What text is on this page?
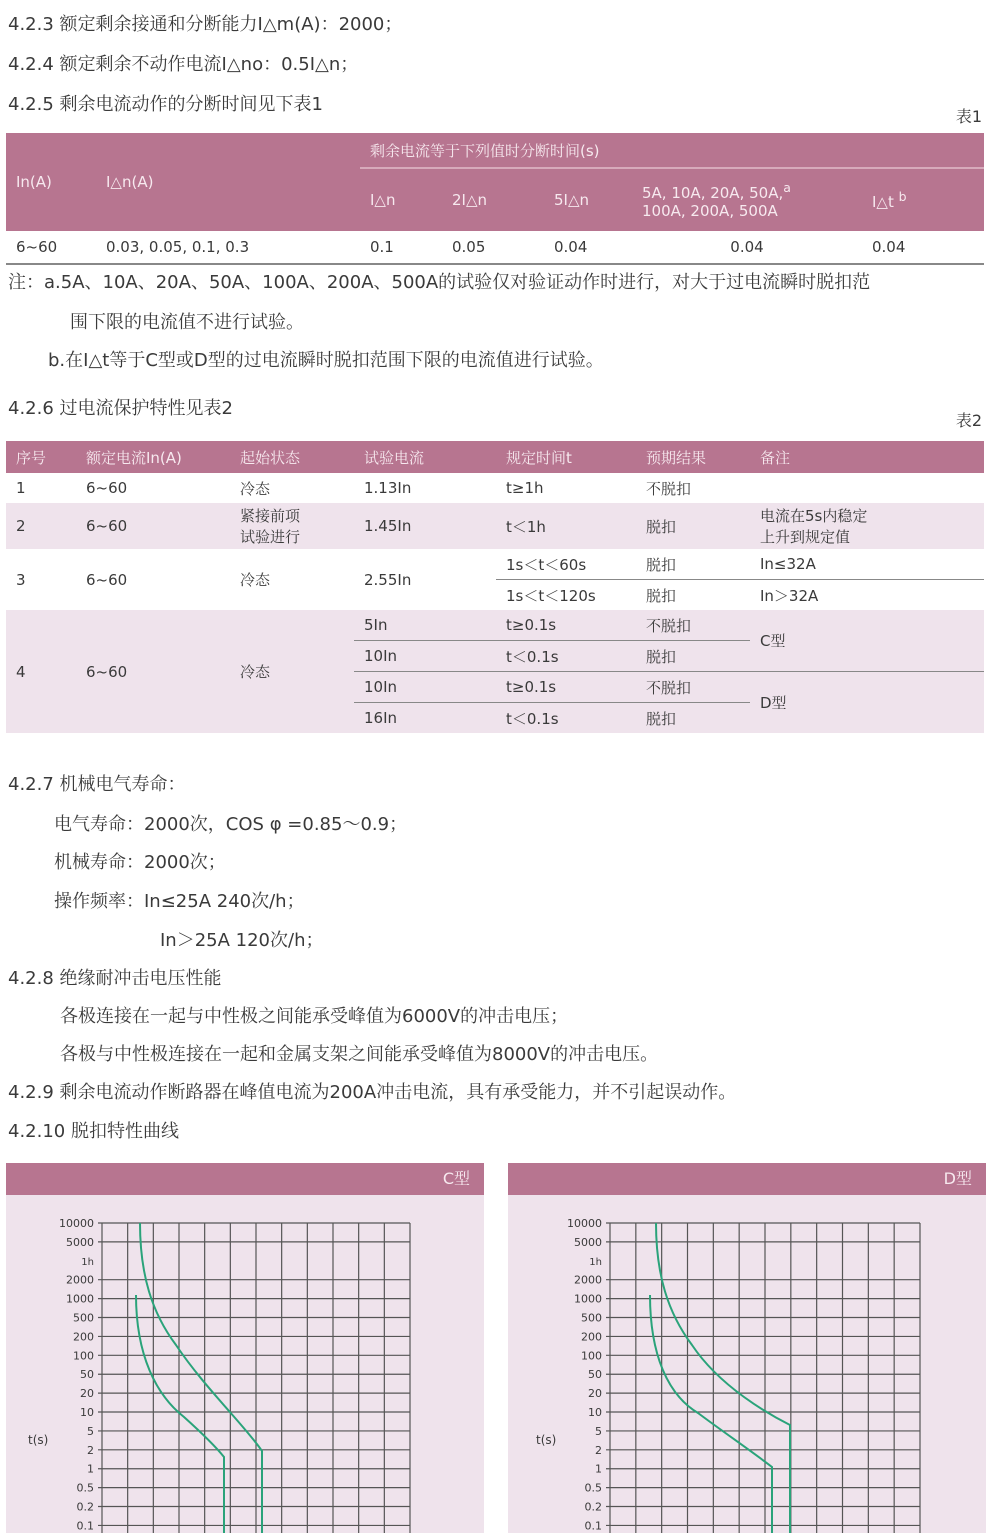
4.2.3 额定剩余接通和分断能力I△m(A)：2000；
4.2.4 额定剩余不动作电流I△no：0.5I△n；
4.2.5 剩余电流动作的分断时间见下表1
表1
In(A)	I△n(A)	剩余电流等于下列值时分断时间(s)				
		I△n	2I△n	5I△n	5A, 10A, 20A, 50A,$^a$
100A, 200A, 500A	I△t $^b$
6~60	0.03, 0.05, 0.1, 0.3	0.1	0.05	0.04	0.04	0.04
注：a.5A、10A、20A、50A、100A、200A、500A的试验仅对验证动作时进行，对大于过电流瞬时脱扣范
围下限的电流值不进行试验。
b.在I△t等于C型或D型的过电流瞬时脱扣范围下限的电流值进行试验。
4.2.6 过电流保护特性见表2
表2
序号	额定电流In(A)	起始状态	试验电流	规定时间t	预期结果	备注
1	6~60	冷态	1.13In	t≥1h	不脱扣	
2	6~60	紧接前项
试验进行	1.45In	t＜1h	脱扣	电流在5s内稳定
上升到规定值
3	6~60	冷态	2.55In	1s＜t＜60s	脱扣	In≤32A
				1s＜t＜120s	脱扣	In＞32A
4	6~60	冷态	5In	t≥0.1s	不脱扣	C型
			10In	t＜0.1s	脱扣	
			10In	t≥0.1s	不脱扣	D型
			16In	t＜0.1s	脱扣	
4.2.7 机械电气寿命：
电气寿命：2000次，COS φ =0.85～0.9；
机械寿命：2000次；
操作频率：In≤25A 240次/h；
In＞25A 120次/h；
4.2.8 绝缘耐冲击电压性能
各极连接在一起与中性极之间能承受峰值为6000V的冲击电压；
各极与中性极连接在一起和金属支架之间能承受峰值为8000V的冲击电压。
4.2.9 剩余电流动作断路器在峰值电流为200A冲击电流，具有承受能力，并不引起误动作。
4.2.10 脱扣特性曲线
C型
t(s)
10000
5000
1h
2000
1000
500
200
100
50
20
10
5
2
1
0.5
0.2
0.1
D型
t(s)
10000
5000
1h
2000
1000
500
200
100
50
20
10
5
2
1
0.5
0.2
0.1
